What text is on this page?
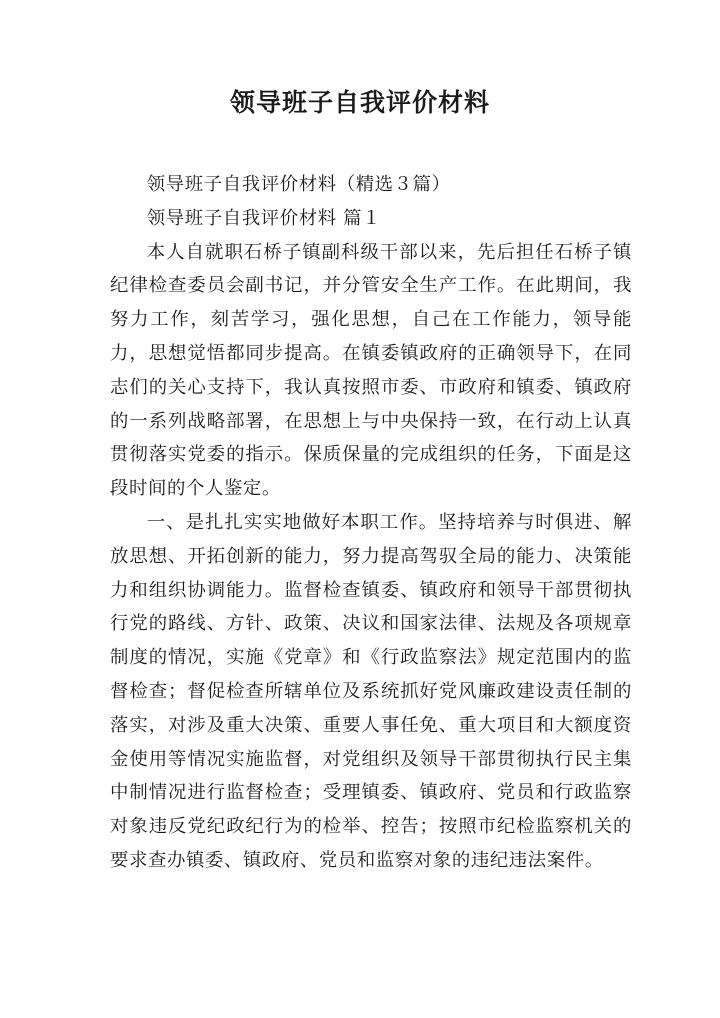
领导班子自我评价材料

领导班子自我评价材料（精选３篇）

领导班子自我评价材料 篇１

本人自就职石桥子镇副科级干部以来，先后担任石桥子镇纪律检查委员会副书记，并分管安全生产工作。在此期间，我努力工作，刻苦学习，强化思想，自己在工作能力，领导能力，思想觉悟都同步提高。在镇委镇政府的正确领导下，在同志们的关心支持下，我认真按照市委、市政府和镇委、镇政府的一系列战略部署，在思想上与中央保持一致，在行动上认真贯彻落实党委的指示。保质保量的完成组织的任务，下面是这段时间的个人鉴定。

一、是扎扎实实地做好本职工作。坚持培养与时俱进、解放思想、开拓创新的能力，努力提高驾驭全局的能力、决策能力和组织协调能力。监督检查镇委、镇政府和领导干部贯彻执行党的路线、方针、政策、决议和国家法律、法规及各项规章制度的情况，实施《党章》和《行政监察法》规定范围内的监督检查；督促检查所辖单位及系统抓好党风廉政建设责任制的落实，对涉及重大决策、重要人事任免、重大项目和大额度资金使用等情况实施监督，对党组织及领导干部贯彻执行民主集中制情况进行监督检查；受理镇委、镇政府、党员和行政监察对象违反党纪政纪行为的检举、控告；按照市纪检监察机关的要求查办镇委、镇政府、党员和监察对象的违纪违法案件。
